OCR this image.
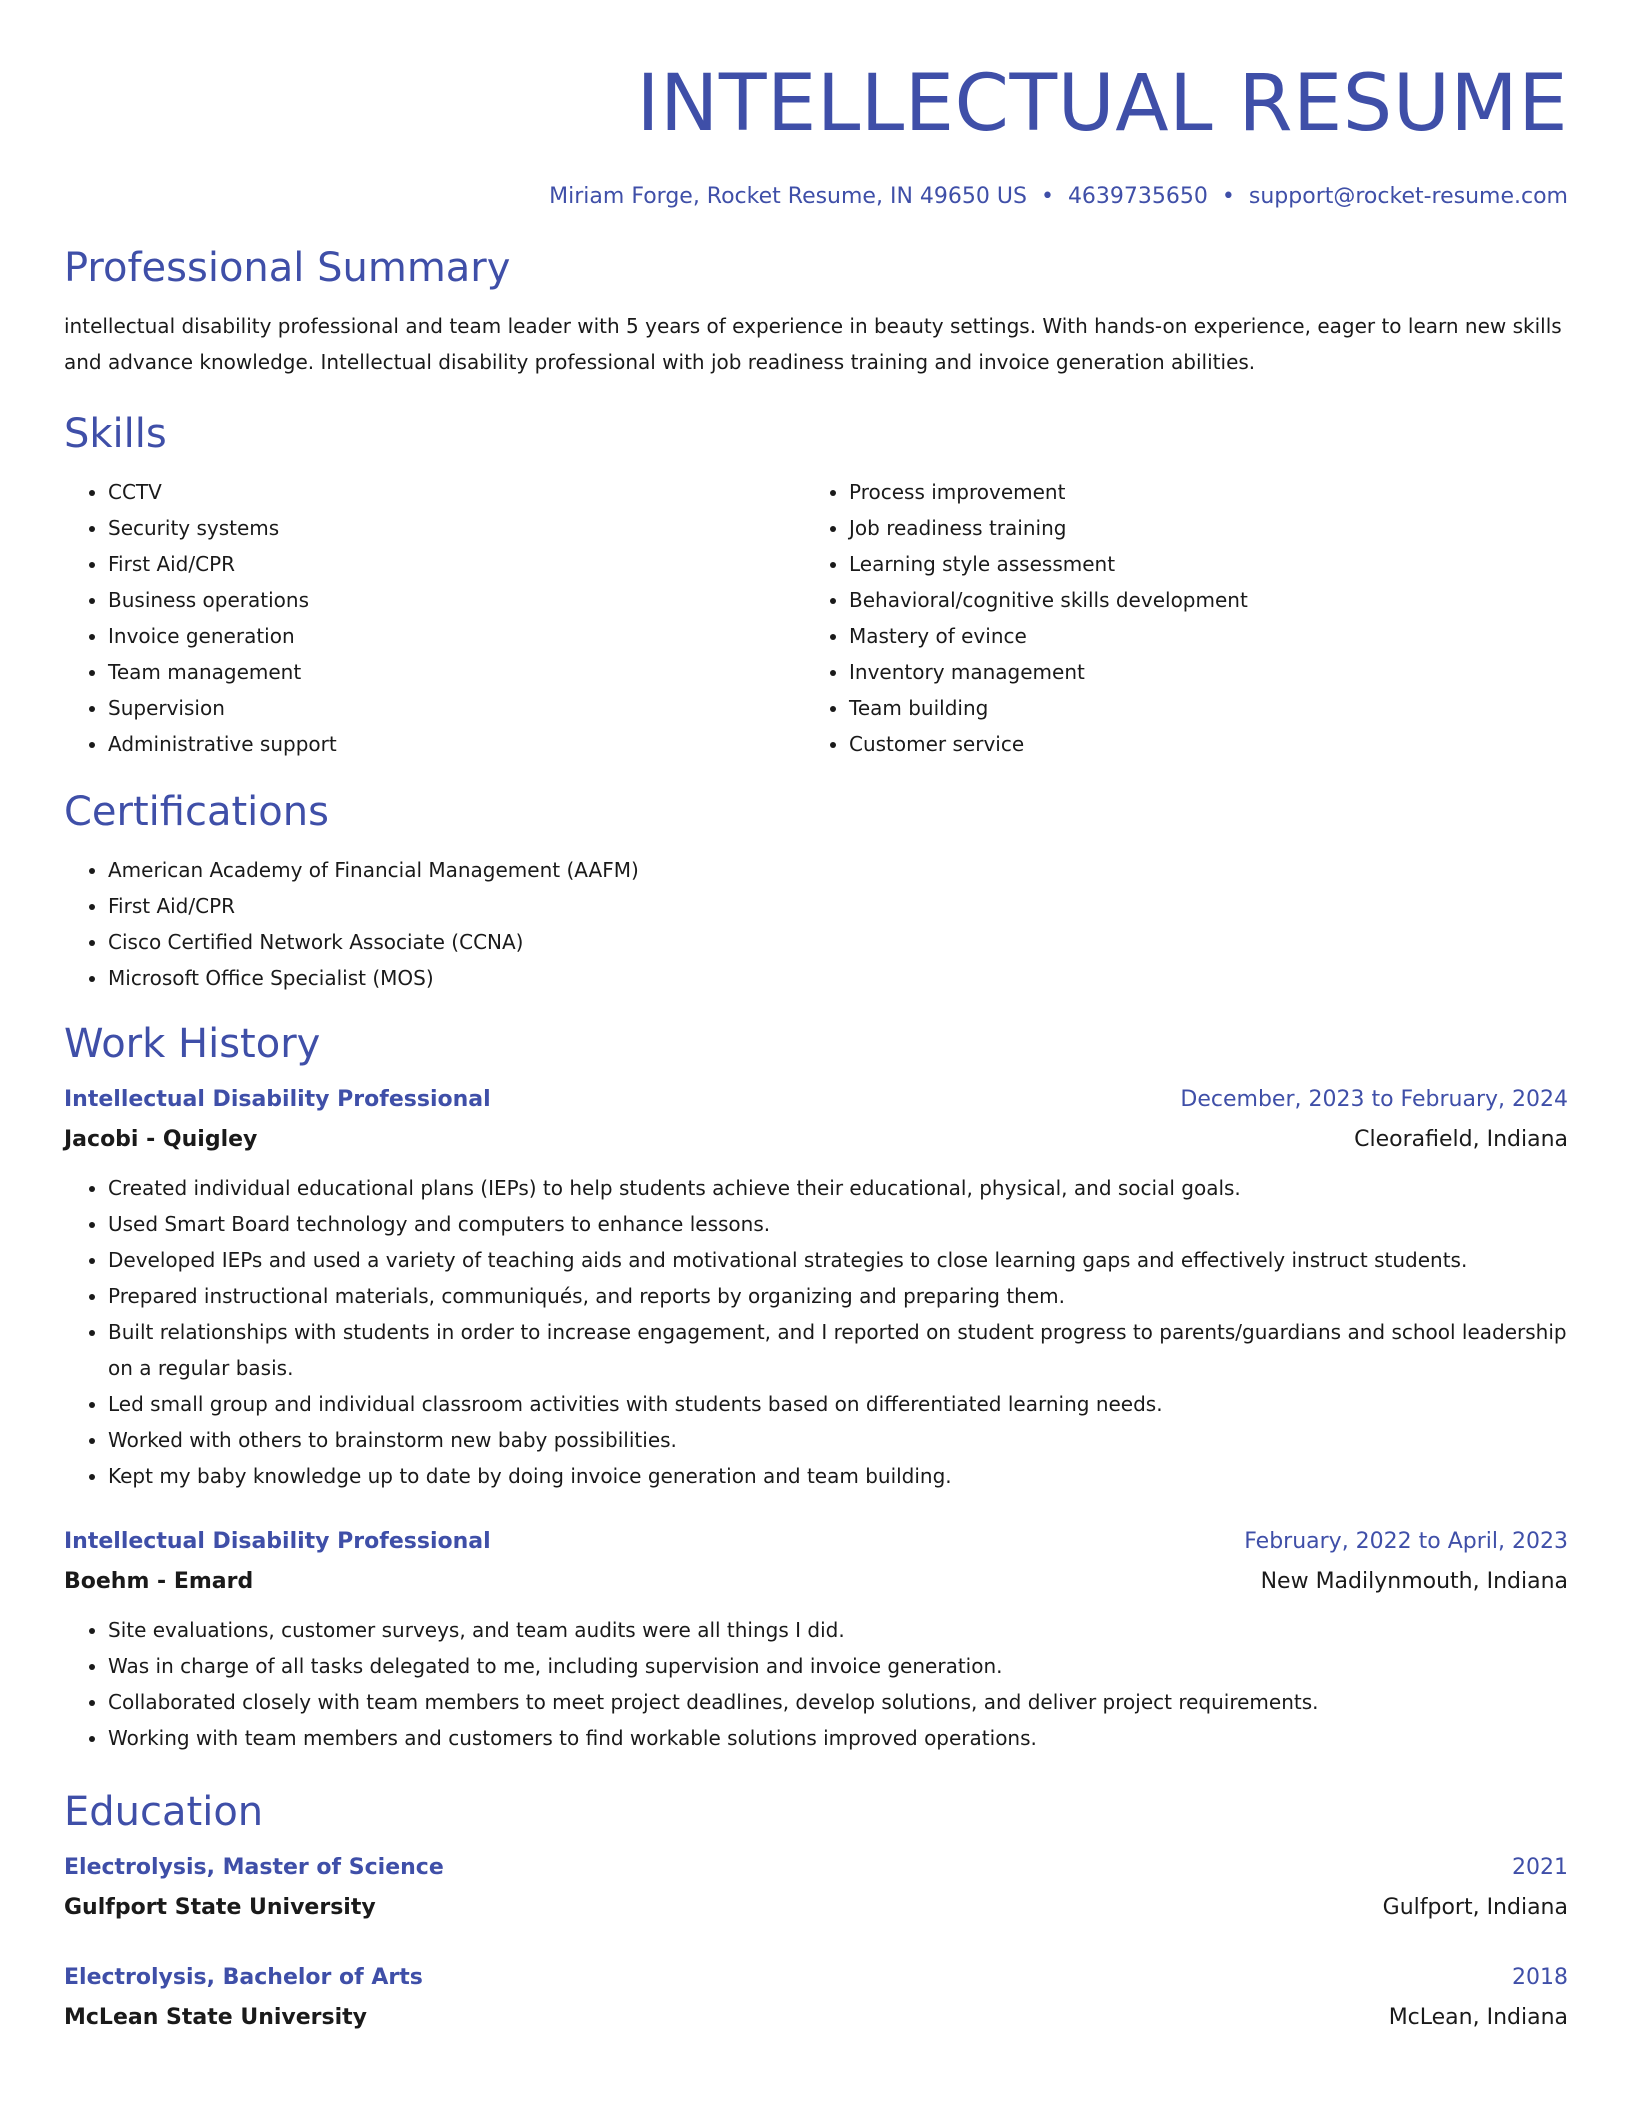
INTELLECTUAL RESUME
Miriam Forge, Rocket Resume, IN 49650 US • 4639735650 • support@rocket-resume.com
Professional Summary

intellectual disability professional and team leader with 5 years of experience in beauty settings. With hands-on experience, eager to learn new skills and advance knowledge. Intellectual disability professional with job readiness training and invoice generation abilities.

Skills
• CCTV
• Security systems
• First Aid/CPR
• Business operations
• Invoice generation
• Team management
• Supervision
• Administrative support
• Process improvement
• Job readiness training
• Learning style assessment
• Behavioral/cognitive skills development
• Mastery of evince
• Inventory management
• Team building
• Customer service
Certifications
• American Academy of Financial Management (AAFM)
• First Aid/CPR
• Cisco Certified Network Associate (CCNA)
• Microsoft Office Specialist (MOS)
Work History
Intellectual Disability Professional	December, 2023 to February, 2024
Jacobi - Quigley	Cleorafield, Indiana
• Created individual educational plans (IEPs) to help students achieve their educational, physical, and social goals.
• Used Smart Board technology and computers to enhance lessons.
• Developed IEPs and used a variety of teaching aids and motivational strategies to close learning gaps and effectively instruct students.
• Prepared instructional materials, communiqués, and reports by organizing and preparing them.
• Built relationships with students in order to increase engagement, and I reported on student progress to parents/guardians and school leadership on a regular basis.
• Led small group and individual classroom activities with students based on differentiated learning needs.
• Worked with others to brainstorm new baby possibilities.
• Kept my baby knowledge up to date by doing invoice generation and team building.
Intellectual Disability Professional	February, 2022 to April, 2023
Boehm - Emard	New Madilynmouth, Indiana
• Site evaluations, customer surveys, and team audits were all things I did.
• Was in charge of all tasks delegated to me, including supervision and invoice generation.
• Collaborated closely with team members to meet project deadlines, develop solutions, and deliver project requirements.
• Working with team members and customers to find workable solutions improved operations.
Education
Electrolysis, Master of Science	2021
Gulfport State University	Gulfport, Indiana
Electrolysis, Bachelor of Arts	2018
McLean State University	McLean, Indiana
